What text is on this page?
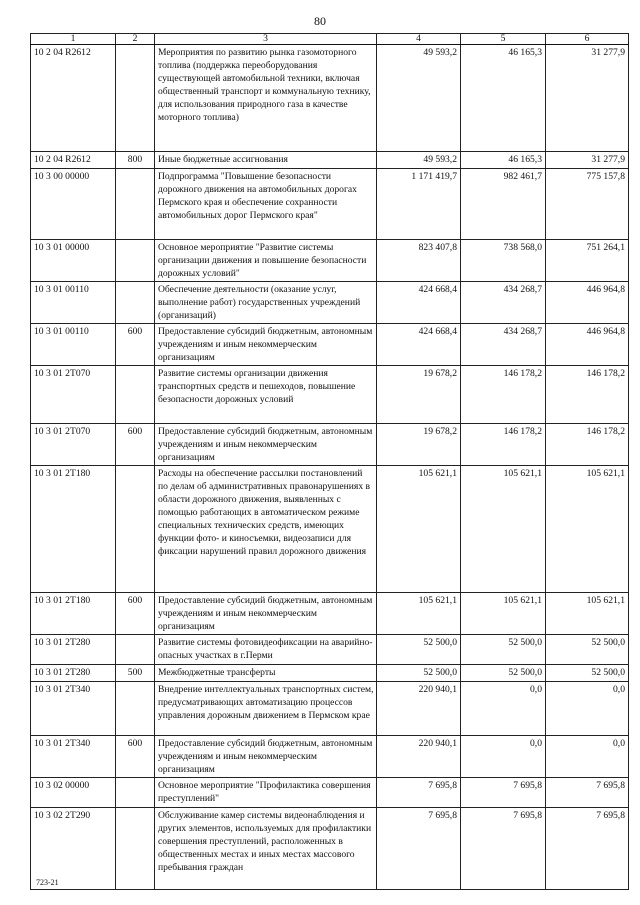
80
1	2	3	4	5	6
10 2 04 R2612		Мероприятия по развитию рынка газомоторного топлива (поддержка переоборудования существующей автомобильной техники, включая общественный транспорт и коммунальную технику, для использования природного газа в качестве моторного топлива)	49 593,2	46 165,3	31 277,9
10 2 04 R2612	800	Иные бюджетные ассигнования	49 593,2	46 165,3	31 277,9
10 3 00 00000		Подпрограмма "Повышение безопасности дорожного движения на автомобильных дорогах Пермского края и обеспечение сохранности автомобильных дорог Пермского края"	1 171 419,7	982 461,7	775 157,8
10 3 01 00000		Основное мероприятие "Развитие системы организации движения и повышение безопасности дорожных условий"	823 407,8	738 568,0	751 264,1
10 3 01 00110		Обеспечение деятельности (оказание услуг, выполнение работ) государственных учреждений (организаций)	424 668,4	434 268,7	446 964,8
10 3 01 00110	600	Предоставление субсидий бюджетным, автономным учреждениям и иным некоммерческим организациям	424 668,4	434 268,7	446 964,8
10 3 01 2Т070		Развитие системы организации движения транспортных средств и пешеходов, повышение безопасности дорожных условий	19 678,2	146 178,2	146 178,2
10 3 01 2Т070	600	Предоставление субсидий бюджетным, автономным учреждениям и иным некоммерческим организациям	19 678,2	146 178,2	146 178,2
10 3 01 2Т180		Расходы на обеспечение рассылки постановлений по делам об административных правонарушениях в области дорожного движения, выявленных с помощью работающих в автоматическом режиме специальных технических средств, имеющих функции фото- и киносъемки, видеозаписи для фиксации нарушений правил дорожного движения	105 621,1	105 621,1	105 621,1
10 3 01 2Т180	600	Предоставление субсидий бюджетным, автономным учреждениям и иным некоммерческим организациям	105 621,1	105 621,1	105 621,1
10 3 01 2Т280		Развитие системы фотовидеофиксации на аварийно-опасных участках в г.Перми	52 500,0	52 500,0	52 500,0
10 3 01 2Т280	500	Межбюджетные трансферты	52 500,0	52 500,0	52 500,0
10 3 01 2Т340		Внедрение интеллектуальных транспортных систем, предусматривающих автоматизацию процессов управления дорожным движением в Пермском крае	220 940,1	0,0	0,0
10 3 01 2Т340	600	Предоставление субсидий бюджетным, автономным учреждениям и иным некоммерческим организациям	220 940,1	0,0	0,0
10 3 02 00000		Основное мероприятие "Профилактика совершения преступлений"	7 695,8	7 695,8	7 695,8
10 3 02 2Т290		Обслуживание камер системы видеонаблюдения и других элементов, используемых для профилактики совершения преступлений, расположенных в общественных местах и иных местах массового пребывания граждан	7 695,8	7 695,8	7 695,8
723-21
